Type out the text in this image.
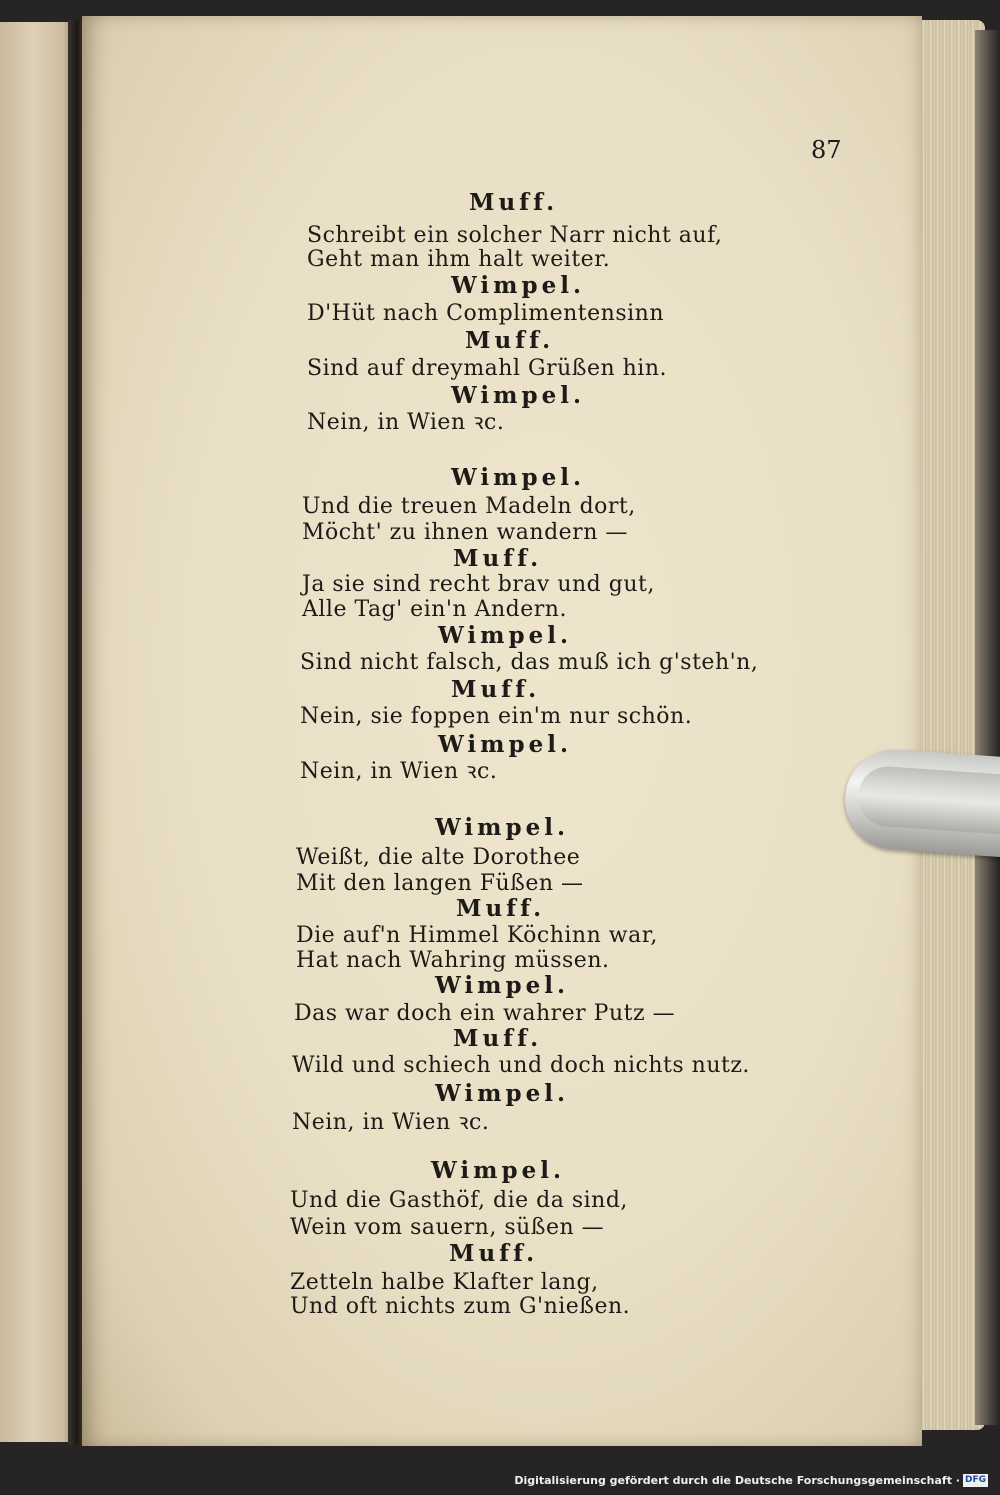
87
Muff.
Schreibt ein solcher Narr nicht auf,
Geht man ihm halt weiter.
Wimpel.
D'Hüt nach Complimentensinn
Muff.
Sind auf dreymahl Grüßen hin.
Wimpel.
Nein, in Wien ꝛc.
Wimpel.
Und die treuen Madeln dort,
Möcht' zu ihnen wandern —
Muff.
Ja sie sind recht brav und gut,
Alle Tag' ein'n Andern.
Wimpel.
Sind nicht falsch, das muß ich g'steh'n,
Muff.
Nein, sie foppen ein'm nur schön.
Wimpel.
Nein, in Wien ꝛc.
Wimpel.
Weißt, die alte Dorothee
Mit den langen Füßen —
Muff.
Die auf'n Himmel Köchinn war,
Hat nach Wahring müssen.
Wimpel.
Das war doch ein wahrer Putz —
Muff.
Wild und schiech und doch nichts nutz.
Wimpel.
Nein, in Wien ꝛc.
Wimpel.
Und die Gasthöf, die da sind,
Wein vom sauern, süßen —
Muff.
Zetteln halbe Klafter lang,
Und oft nichts zum G'nießen.
Digitalisierung gefördert durch die Deutsche Forschungsgemeinschaft · DFG
